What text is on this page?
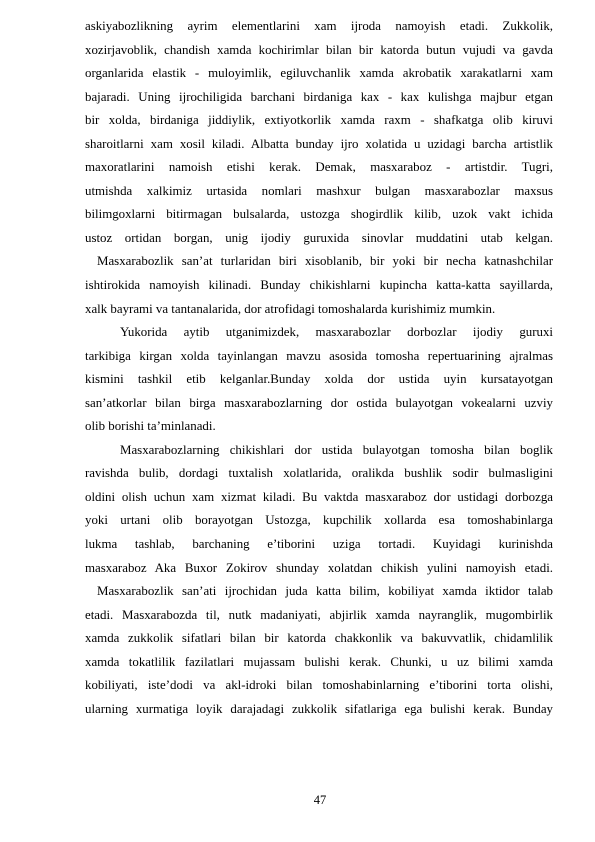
askiyabozlikning ayrim elementlarini xam ijroda namoyish etadi. Zukkolik,
xozirjavoblik, chandish xamda kochirimlar bilan bir katorda butun vujudi va gavda
organlarida elastik - muloyimlik, egiluvchanlik xamda akrobatik xarakatlarni xam
bajaradi. Uning ijrochiligida barchani birdaniga kax - kax kulishga majbur etgan
bir xolda, birdaniga jiddiylik, extiyotkorlik xamda raxm - shafkatga olib kiruvi
sharoitlarni xam xosil kiladi. Albatta bunday ijro xolatida u uzidagi barcha artistlik
maxoratlarini namoish etishi kerak. Demak, masxaraboz - artistdir. Tugri,
utmishda xalkimiz urtasida nomlari mashxur bulgan masxarabozlar maxsus
bilimgoxlarni bitirmagan bulsalarda, ustozga shogirdlik kilib, uzok vakt ichida
ustoz ortidan borgan, unig ijodiy guruxida sinovlar muddatini utab kelgan.
Masxarabozlik san’at turlaridan biri xisoblanib, bir yoki bir necha katnashchilar
ishtirokida namoyish kilinadi. Bunday chikishlarni kupincha katta-katta sayillarda,
xalk bayrami va tantanalarida, dor atrofidagi tomoshalarda kurishimiz mumkin.
Yukorida aytib utganimizdek, masxarabozlar dorbozlar ijodiy guruxi
tarkibiga kirgan xolda tayinlangan mavzu asosida tomosha repertuarining ajralmas
kismini tashkil etib kelganlar.Bunday xolda dor ustida uyin kursatayotgan
san’atkorlar bilan birga masxarabozlarning dor ostida bulayotgan vokealarni uzviy
olib borishi ta’minlanadi.
Masxarabozlarning chikishlari dor ustida bulayotgan tomosha bilan boglik
ravishda bulib, dordagi tuxtalish xolatlarida, oralikda bushlik sodir bulmasligini
oldini olish uchun xam xizmat kiladi. Bu vaktda masxaraboz dor ustidagi dorbozga
yoki urtani olib borayotgan Ustozga, kupchilik xollarda esa tomoshabinlarga
lukma tashlab, barchaning e’tiborini uziga tortadi. Kuyidagi kurinishda
masxaraboz Aka Buxor Zokirov shunday xolatdan chikish yulini namoyish etadi.
Masxarabozlik san’ati ijrochidan juda katta bilim, kobiliyat xamda iktidor talab
etadi. Masxarabozda til, nutk madaniyati, abjirlik xamda nayranglik, mugombirlik
xamda zukkolik sifatlari bilan bir katorda chakkonlik va bakuvvatlik, chidamlilik
xamda tokatlilik fazilatlari mujassam bulishi kerak. Chunki, u uz bilimi xamda
kobiliyati, iste’dodi va akl-idroki bilan tomoshabinlarning e’tiborini torta olishi,
ularning xurmatiga loyik darajadagi zukkolik sifatlariga ega bulishi kerak. Bunday
47
